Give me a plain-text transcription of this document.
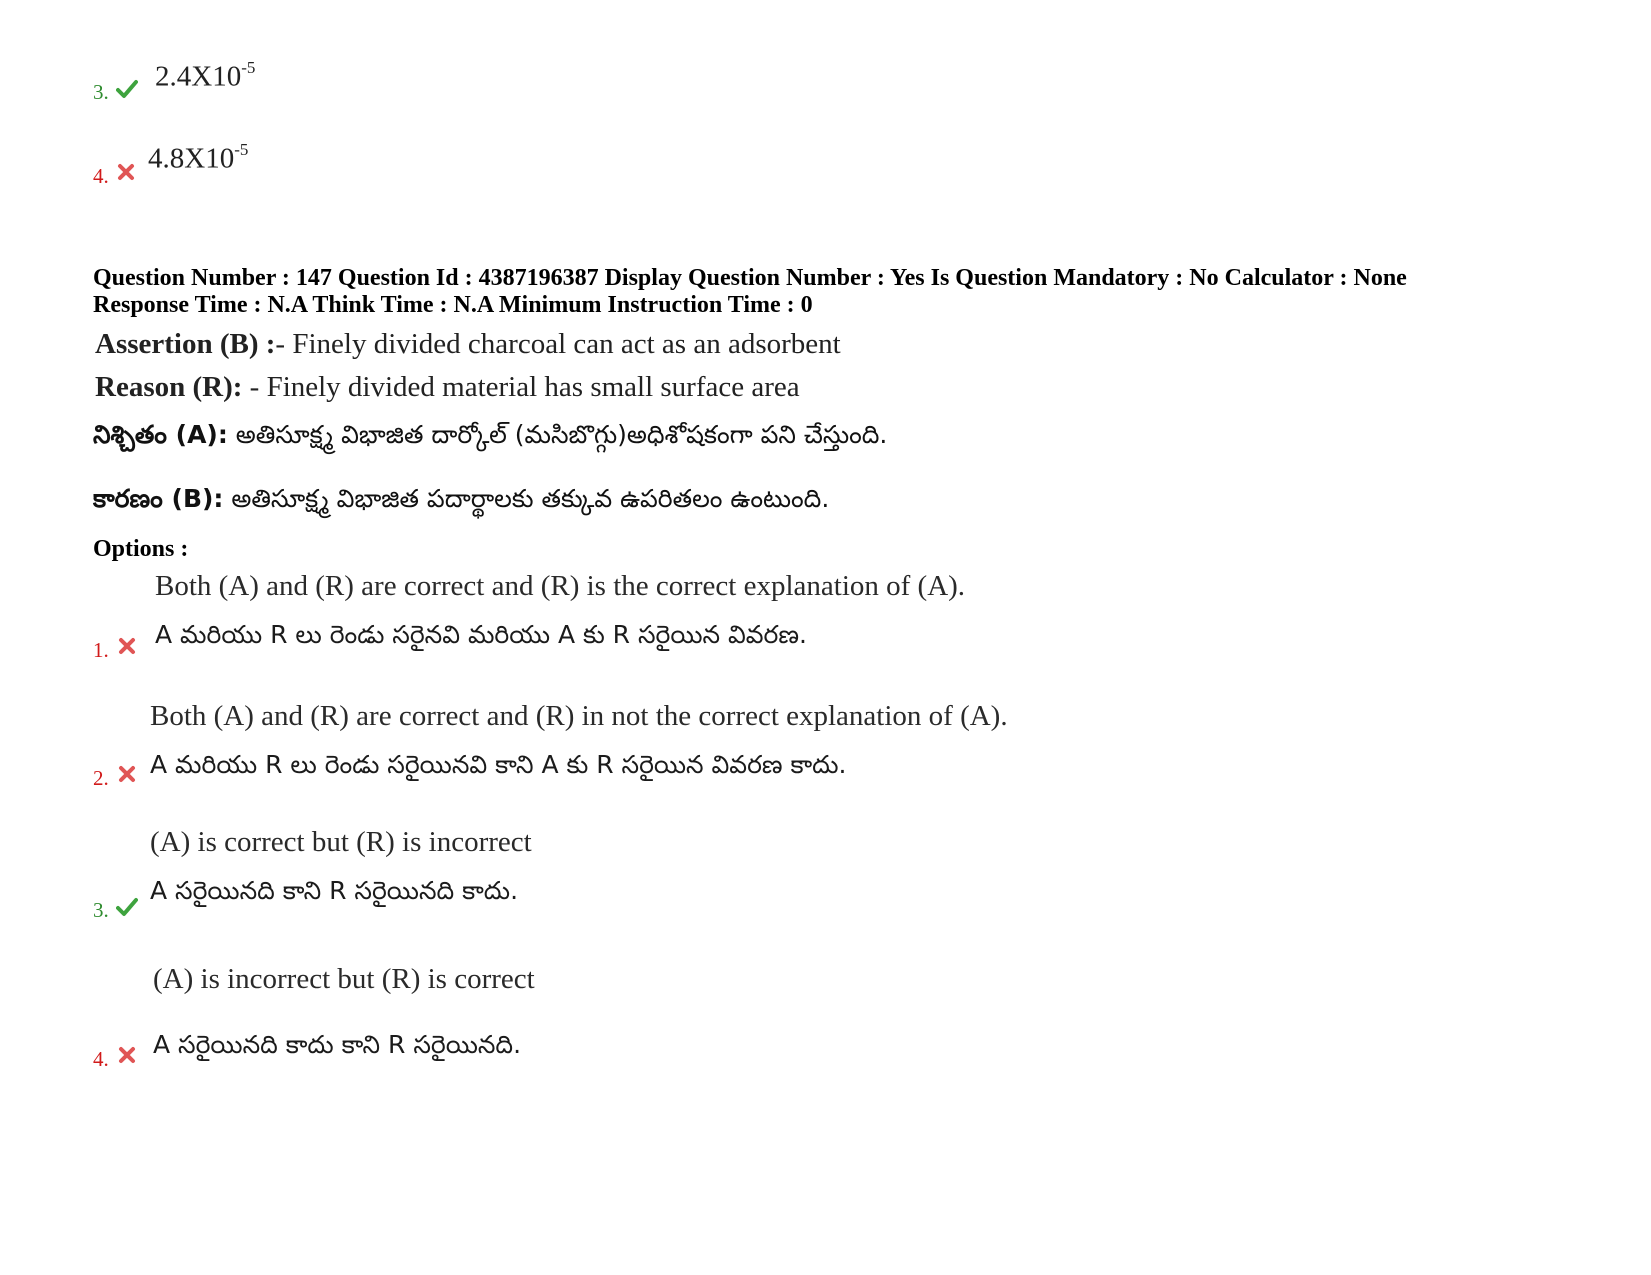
3. $2.4X10^{-5}$
4.
$4.8X10^{-5}$
Question Number : 147 Question Id : 4387196387 Display Question Number : Yes Is Question Mandatory : No Calculator : None
Response Time : N.A Think Time : N.A Minimum Instruction Time : 0
Assertion (B) :- Finely divided charcoal can act as an adsorbent
Reason (R): - Finely divided material has small surface area
నిశ్చితం (A): అతిసూక్ష్మ విభాజిత దార్కోల్ (మసిబొగ్గు)అధిశోషకంగా పని చేస్తుంది.
కారణం (B): అతిసూక్ష్మ విభాజిత పదార్థాలకు తక్కువ ఉపరితలం ఉంటుంది.
Options :
Both (A) and (R) are correct and (R) is the correct explanation of (A).
A మరియు R లు రెండు సరైనవి మరియు A కు R సరైయిన వివరణ.
1.
Both (A) and (R) are correct and (R) in not the correct explanation of (A).
A మరియు R లు రెండు సరైయినవి కాని A కు R సరైయిన వివరణ కాదు.
2.
(A) is correct but (R) is incorrect
A సరైయినది కాని R సరైయినది కాదు.
3.
(A) is incorrect but (R) is correct
A సరైయినది కాదు కాని R సరైయినది.
4.
